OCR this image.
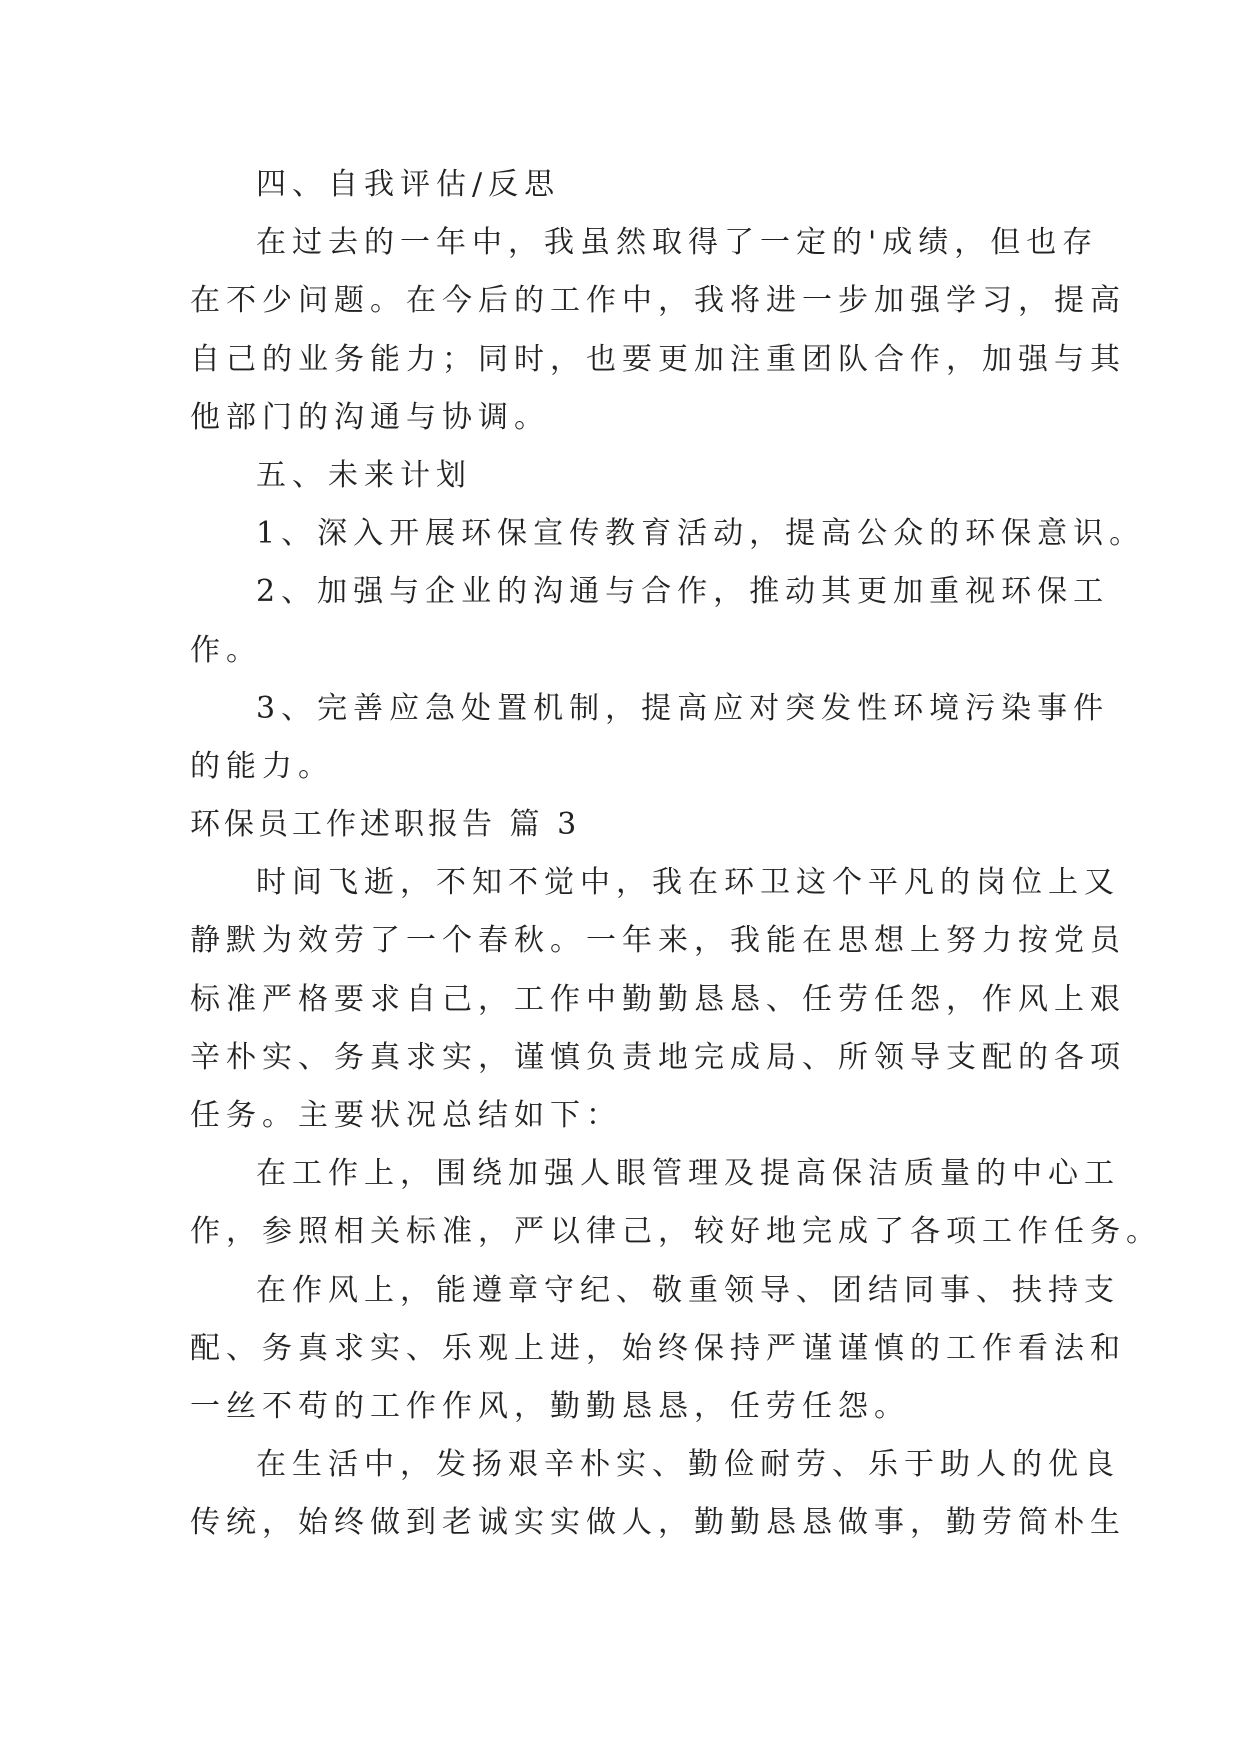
四、自我评估/反思
在过去的一年中，我虽然取得了一定的'成绩，但也存
在不少问题。在今后的工作中，我将进一步加强学习，提高
自己的业务能力；同时，也要更加注重团队合作，加强与其
他部门的沟通与协调。
五、未来计划
1、深入开展环保宣传教育活动，提高公众的环保意识。
2、加强与企业的沟通与合作，推动其更加重视环保工
作。
3、完善应急处置机制，提高应对突发性环境污染事件
的能力。
环保员工作述职报告 篇 3
时间飞逝，不知不觉中，我在环卫这个平凡的岗位上又
静默为效劳了一个春秋。一年来，我能在思想上努力按党员
标准严格要求自己，工作中勤勤恳恳、任劳任怨，作风上艰
辛朴实、务真求实，谨慎负责地完成局、所领导支配的各项
任务。主要状况总结如下：
在工作上，围绕加强人眼管理及提高保洁质量的中心工
作，参照相关标准，严以律己，较好地完成了各项工作任务。
在作风上，能遵章守纪、敬重领导、团结同事、扶持支
配、务真求实、乐观上进，始终保持严谨谨慎的工作看法和
一丝不苟的工作作风，勤勤恳恳，任劳任怨。
在生活中，发扬艰辛朴实、勤俭耐劳、乐于助人的优良
传统，始终做到老诚实实做人，勤勤恳恳做事，勤劳简朴生
